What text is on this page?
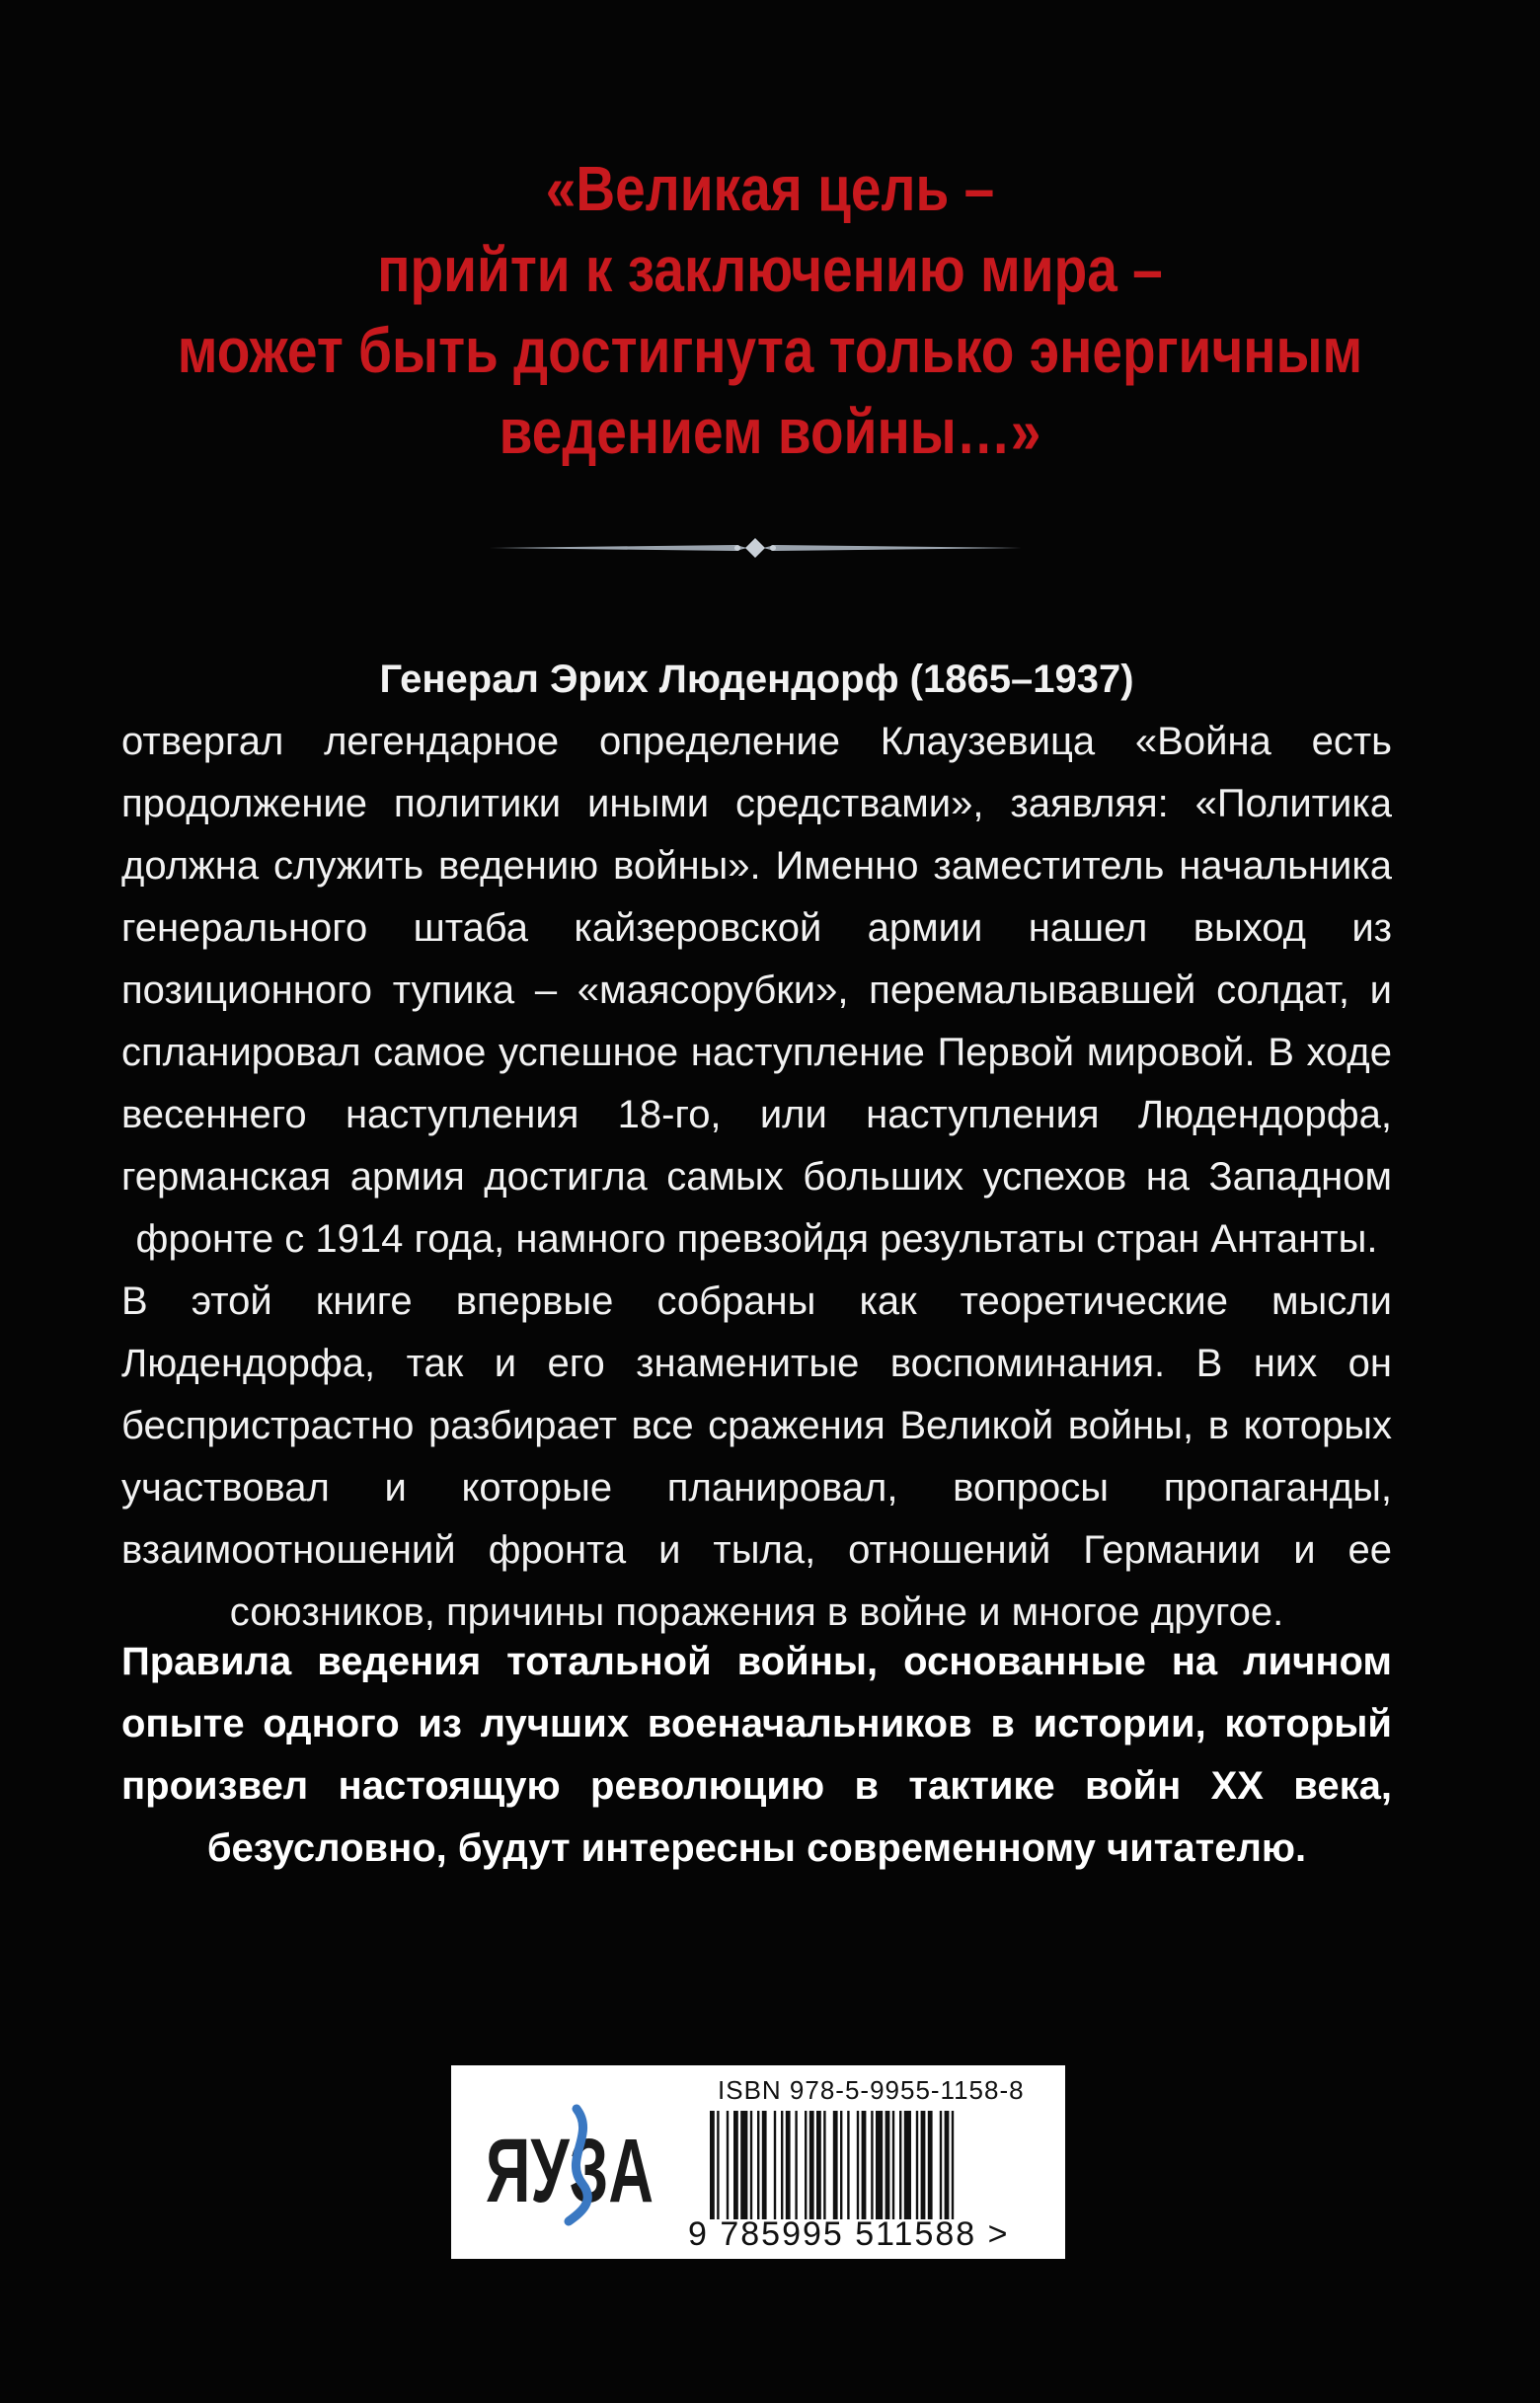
«Великая цель –
прийти к заключению мира –
может быть достигнута только энергичным
ведением войны…»
Генерал Эрих Людендорф (1865–1937)

отвергал легендарное определение Клаузевица «Война есть продолжение политики иными средствами», заявляя: «Политика должна служить ведению войны». Именно заместитель начальника генерального штаба кайзеровской армии нашел выход из позиционного тупика – «маясорубки», перемалывавшей солдат, и спланировал самое успешное наступление Первой мировой. В ходе весеннего наступления 18-го, или наступления Людендорфа, германская армия достигла самых больших успехов на Западном фронте с 1914 года, намного превзойдя результаты стран Антанты.

В этой книге впервые собраны как теоретические мысли Людендорфа, так и его знаменитые воспоминания. В них он беспристрастно разбирает все сражения Великой войны, в которых участвовал и которые планировал, вопросы пропаганды, взаимоотношений фронта и тыла, отношений Германии и ее союзников, причины поражения в войне и многое другое.

Правила ведения тотальной войны, основанные на личном опыте одного из лучших военачальников в истории, который произвел настоящую революцию в тактике войн XX века, безусловно, будут интересны современному читателю.
ЯУЗА
ISBN 978-5-9955-1158-8
9 785995 511588 >
